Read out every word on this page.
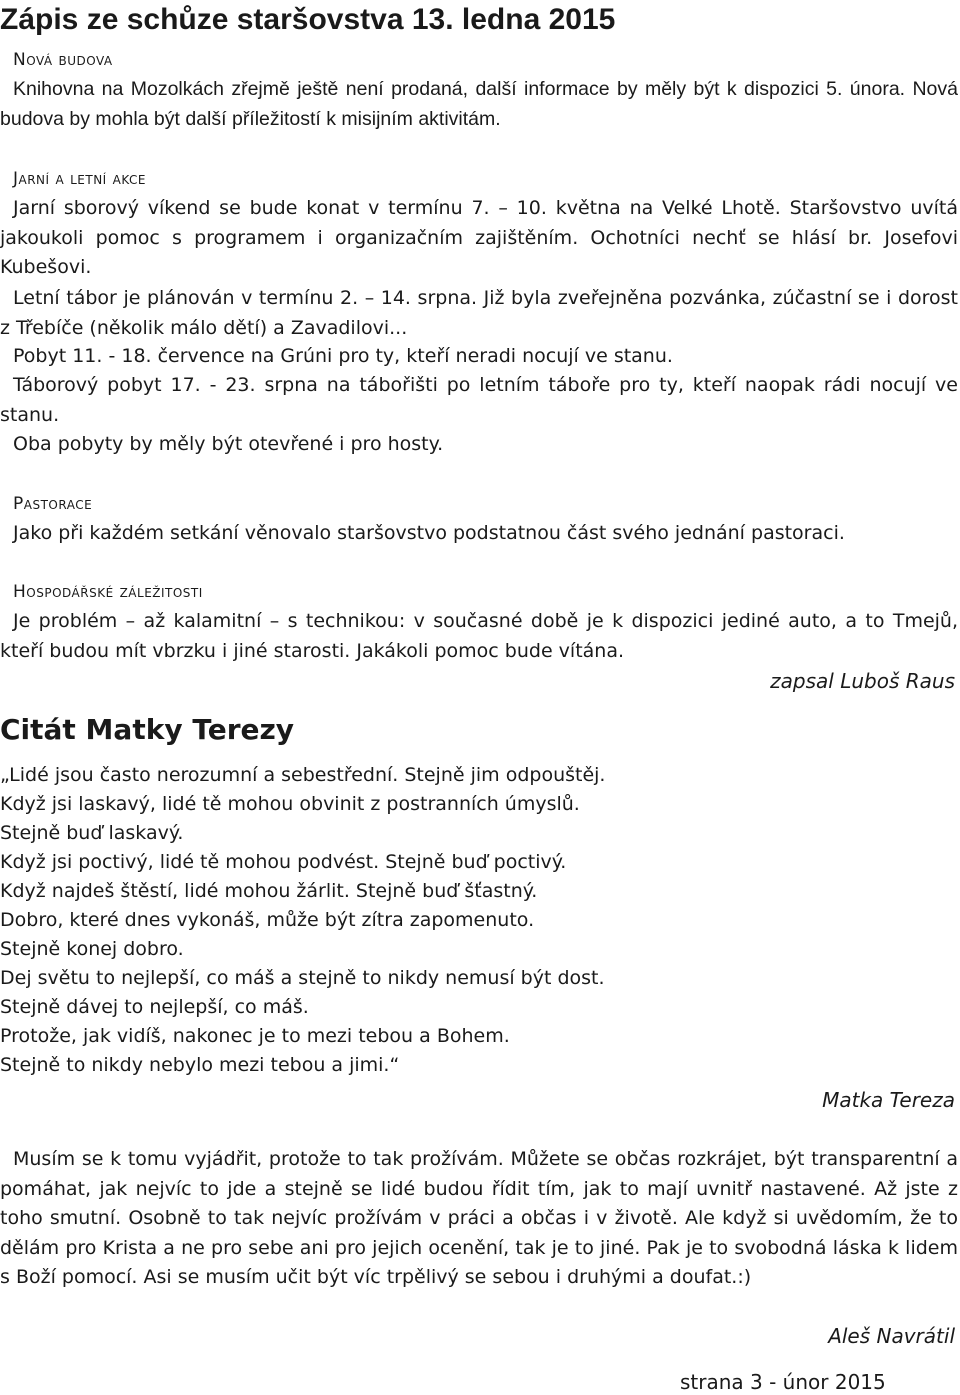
Zápis ze schůze staršovstva 13. ledna 2015
Nová budova

Knihovna na Mozolkách zřejmě ještě není prodaná, další informace by měly být k dispozici 5. února. Nová budova by mohla být další příležitostí k misijním aktivitám.

Jarní a letní akce

Jarní sborový víkend se bude konat v termínu 7. – 10. května na Velké Lhotě. Staršovstvo uvítá jakoukoli pomoc s programem i organizačním zajištěním. Ochotníci nechť se hlásí br. Josefovi Kubešovi.

Letní tábor je plánován v termínu 2. – 14. srpna. Již byla zveřejněna pozvánka, zúčastní se i dorost z Třebíče (několik málo dětí) a Zavadilovi...

Pobyt 11. - 18. července na Grúni pro ty, kteří neradi nocují ve stanu.

Táborový pobyt 17. - 23. srpna na tábořišti po letním táboře pro ty, kteří naopak rádi nocují ve stanu.

Oba pobyty by měly být otevřené i pro hosty.

Pastorace

Jako při každém setkání věnovalo staršovstvo podstatnou část svého jednání pastoraci.

Hospodářské záležitosti

Je problém – až kalamitní – s technikou: v současné době je k dispozici jediné auto, a to Tmejů, kteří budou mít vbrzku i jiné starosti. Jakákoli pomoc bude vítána.

zapsal Luboš Raus

Citát Matky Terezy

„Lidé jsou často nerozumní a sebestřední. Stejně jim odpouštěj.

Když jsi laskavý, lidé tě mohou obvinit z postranních úmyslů.

Stejně buď laskavý.

Když jsi poctivý, lidé tě mohou podvést. Stejně buď poctivý.

Když najdeš štěstí, lidé mohou žárlit. Stejně buď šťastný.

Dobro, které dnes vykonáš, může být zítra zapomenuto.

Stejně konej dobro.

Dej světu to nejlepší, co máš a stejně to nikdy nemusí být dost.

Stejně dávej to nejlepší, co máš.

Protože, jak vidíš, nakonec je to mezi tebou a Bohem.

Stejně to nikdy nebylo mezi tebou a jimi.“

Matka Tereza

Musím se k tomu vyjádřit, protože to tak prožívám. Můžete se občas rozkrájet, být transparentní a pomáhat, jak nejvíc to jde a stejně se lidé budou řídit tím, jak to mají uvnitř nastavené. Až jste z toho smutní. Osobně to tak nejvíc prožívám v práci a občas i v životě. Ale když si uvědomím, že to dělám pro Krista a ne pro sebe ani pro jejich ocenění, tak je to jiné. Pak je to svobodná láska k lidem s Boží pomocí. Asi se musím učit být víc trpělivý se sebou i druhými a doufat.:)

Aleš Navrátil

strana 3 - únor 2015
